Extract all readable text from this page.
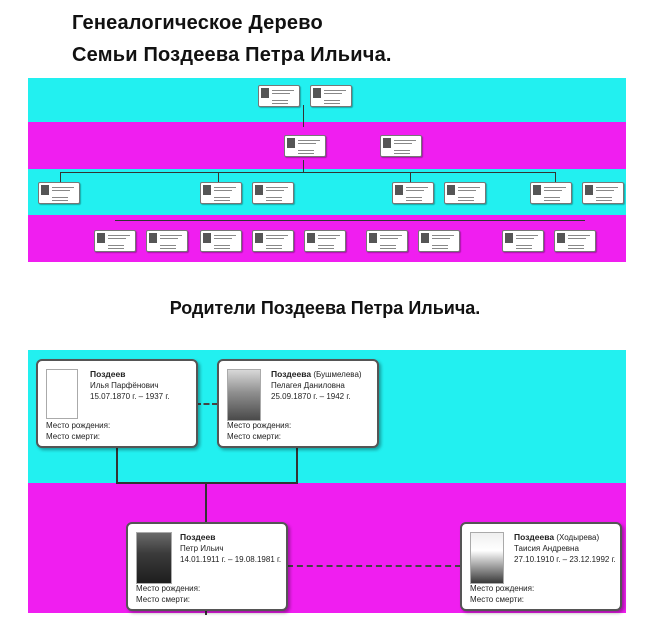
Генеалогическое Дерево
Семьи Поздеева Петра Ильича.
Родители Поздеева Петра Ильича.
Поздеев
Илья Парфёнович
15.07.1870 г. – 1937 г.
Место рождения:
Место смерти:
Поздеева (Бушмелева)
Пелагея Даниловна
25.09.1870 г. – 1942 г.
Место рождения:
Место смерти:
Поздеев
Петр Ильич
14.01.1911 г. – 19.08.1981 г.
Место рождения:
Место смерти:
Поздеева (Ходырева)
Таисия Андревна
27.10.1910 г. – 23.12.1992 г.
Место рождения:
Место смерти:
